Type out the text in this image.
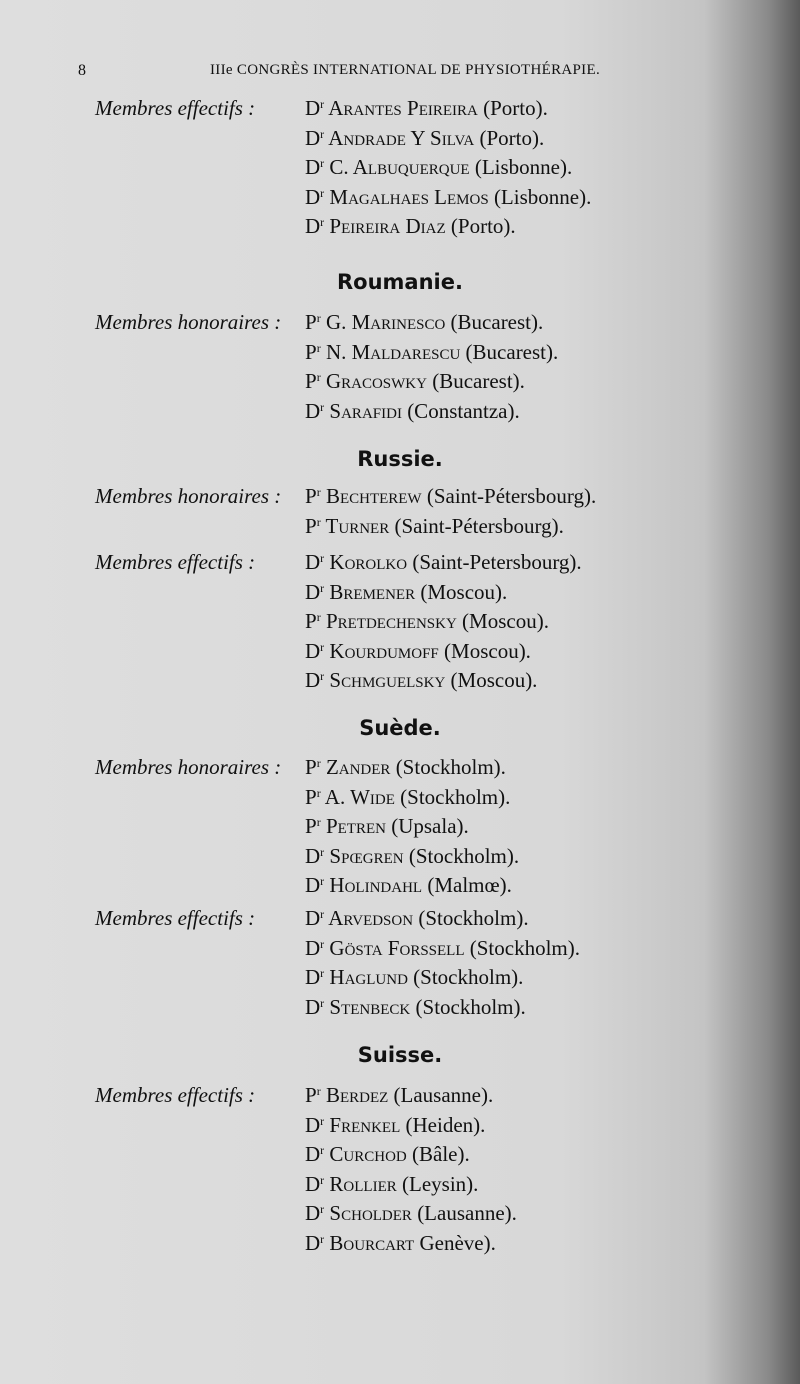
8	IIIe CONGRÈS INTERNATIONAL DE PHYSIOTHÉRAPIE.
Membres effectifs : $D^r$ Arantes Peireira (Porto).
$D^r$ Andrade Y Silva (Porto).
$D^r$ C. Albuquerque (Lisbonne).
$D^r$ Magalhaes Lemos (Lisbonne).
$D^r$ Peireira Diaz (Porto).
Roumanie.
Membres honoraires : $P^r$ G. Marinesco (Bucarest).
$P^r$ N. Maldarescu (Bucarest).
$P^r$ Gracoswky (Bucarest).
$D^r$ Sarafidi (Constantza).
Russie.
Membres honoraires : $P^r$ Bechterew (Saint-Pétersbourg).
$P^r$ Turner (Saint-Pétersbourg).
Membres effectifs : $D^r$ Korolko (Saint-Petersbourg).
$D^r$ Bremener (Moscou).
$P^r$ Pretdechensky (Moscou).
$D^r$ Kourdumoff (Moscou).
$D^r$ Schmguelsky (Moscou).
Suède.
Membres honoraires : $P^r$ Zander (Stockholm).
$P^r$ A. Wide (Stockholm).
$P^r$ Petren (Upsala).
$D^r$ Spœgren (Stockholm).
$D^r$ Holindahl (Malmœ).
Membres effectifs : $D^r$ Arvedson (Stockholm).
$D^r$ Gösta Forssell (Stockholm).
$D^r$ Haglund (Stockholm).
$D^r$ Stenbeck (Stockholm).
Suisse.
Membres effectifs : $P^r$ Berdez (Lausanne).
$D^r$ Frenkel (Heiden).
$D^r$ Curchod (Bâle).
$D^r$ Rollier (Leysin).
$D^r$ Scholder (Lausanne).
$D^r$ Bourcart Genève).
